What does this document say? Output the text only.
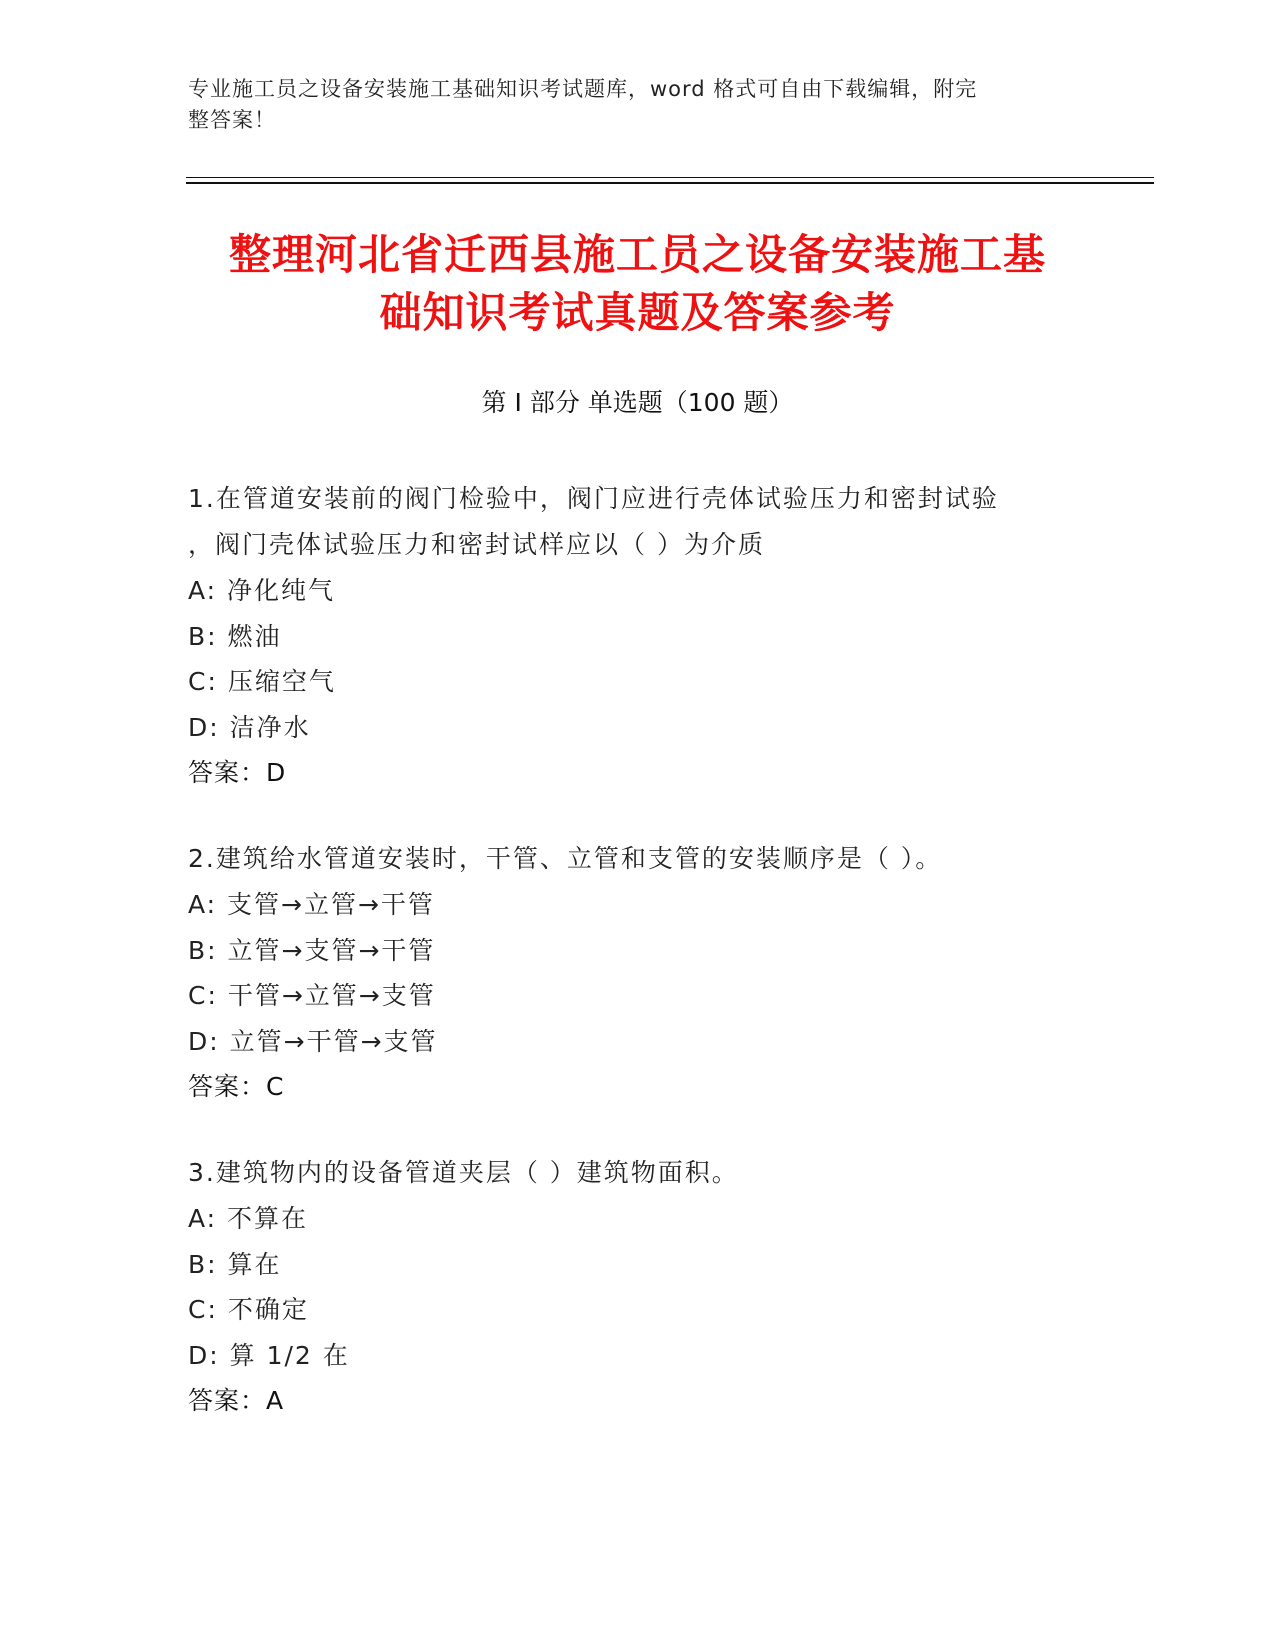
专业施工员之设备安装施工基础知识考试题库，word 格式可自由下载编辑，附完
整答案！
整理河北省迁西县施工员之设备安装施工基
础知识考试真题及答案参考
第 I 部分 单选题（100 题）
1.在管道安装前的阀门检验中，阀门应进行壳体试验压力和密封试验
，阀门壳体试验压力和密封试样应以（ ）为介质
A: 净化纯气
B: 燃油
C: 压缩空气
D: 洁净水
答案：D
2.建筑给水管道安装时，干管、立管和支管的安装顺序是（ ）。
A: 支管→立管→干管
B: 立管→支管→干管
C: 干管→立管→支管
D: 立管→干管→支管
答案：C
3.建筑物内的设备管道夹层（ ）建筑物面积。
A: 不算在
B: 算在
C: 不确定
D: 算 1/2 在
答案：A
